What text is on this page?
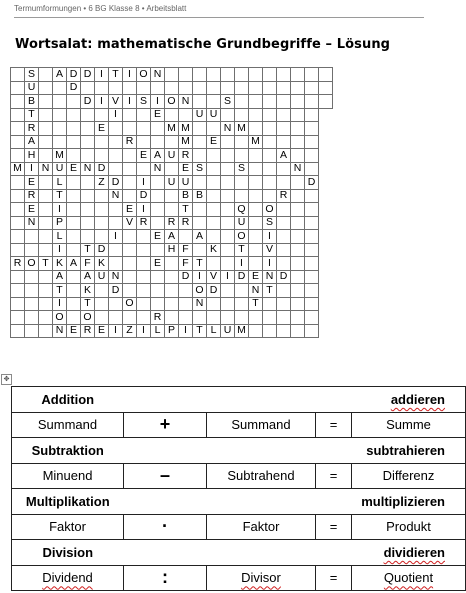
Termumformungen • 6 BG Klasse 8 • Arbeitsblatt
Wortsalat: mathematische Grundbegriffe – Lösung
	S		A	D	D	I	T	I	O	N												
	U			D																		
	B				D	I	V	I	S	I	O	N			S							
	T						I			E			U	U								
	R					E					M	M			N	M						
	A							R				M		E			M					
	H		M						E	A	U	R							A			
M	I	N	U	E	N	D				N		E	S			S				N		
	E		L			Z	D		I		U	U									D	
	R		T				N		D			B	B						R			
	E		I					E	I			T				Q		O				
	N		P					V	R		R	R				U		S				
			L				I			E	A		A			O		I				
			I		T	D					H	F		K		T		V				
R	O	T	K	A	F	K				E		F	T			I		I				
			A		A	U	N					D	I	V	I	D	E	N	D			
			T		K		D						O	D			N	T				
			I		T			O					N				T					
			O		O					R												
			N	E	R	E	I	Z	I	L	P	I	T	L	U	M						
✥
Addition				addieren
Summand	+	Summand	=	Summe
Subtraktion				subtrahieren
Minuend	–	Subtrahend	=	Differenz
Multiplikation				multiplizieren
Faktor	·	Faktor	=	Produkt
Division				dividieren
Dividend	:	Divisor	=	Quotient
